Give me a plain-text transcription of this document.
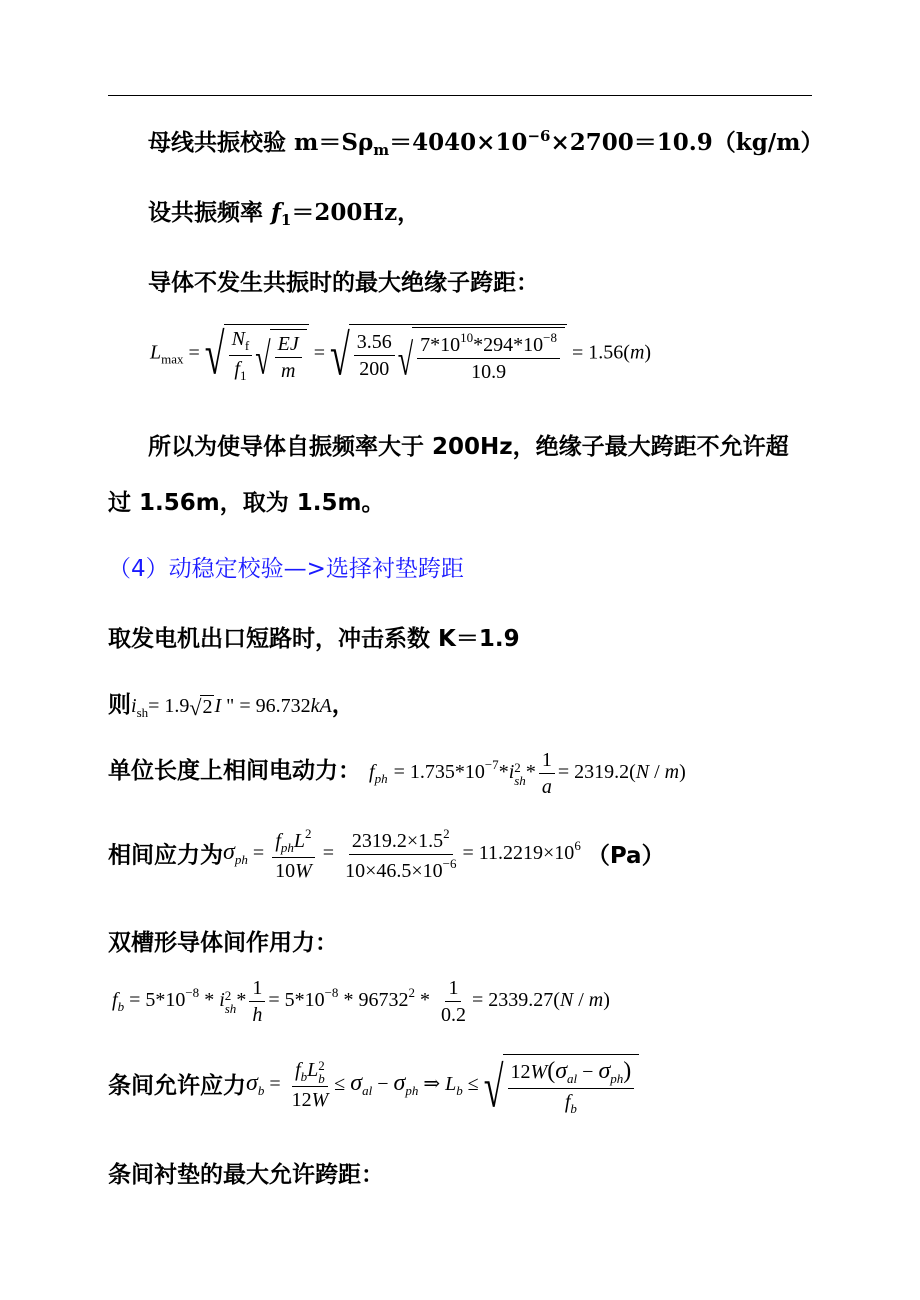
母线共振校验 $m=S\rho_m=4040\times 10^{-6}\times 2700=10.9(kg/m)$
设共振频率 $f_1=200Hz$，
导体不发生共振时的最大绝缘子跨距：
$L_{max}$ = √ $\frac{N_f}{f_1}$ √ $\frac{EJ}{m}$ = √ $\frac{3.56}{200}$ √ $\frac{7*10^{10}*294*10^{-8}}{10.9} = 1.56(m)$
所以为使导体自振频率大于 200Hz，绝缘子最大跨距不允许超
过 1.56m，取为 1.5m。
（4）动稳定校验—>选择衬垫跨距
取发电机出口短路时，冲击系数 K＝1.9
则$i_{sh}= 1.9$ √ 2 I " = 96.732kA，
单位长度上相间电动力： $f_{ph} = 1.735*10^{-7}*i$ 2
sh * $\frac{1}{a} = 2319.2(N / m)$
相间应力为$\sigma_{ph} = \frac{f_{ph}L^2}{10W} = \frac{2319.2\times 1.5^2}{10\times 46.5\times 10^{-6}} = 11.2219\times 10^6$ （Pa）
双槽形导体间作用力：
$f_b = 5*10^{-8} * i$ 2
sh * $\frac{1}{h} = 5*10^{-8} * 96732^2 * \frac{1}{0.2} = 2339.27(N / m)$
条间允许应力$\sigma_b = f_bL$ 2
b
$12W \le \sigma_{al} - \sigma_{ph}$ ⇒ $L_b$ ≤ √ $\frac{12W(\sigma_{al} - \sigma_{ph})}{f_b}$
条间衬垫的最大允许跨距：
